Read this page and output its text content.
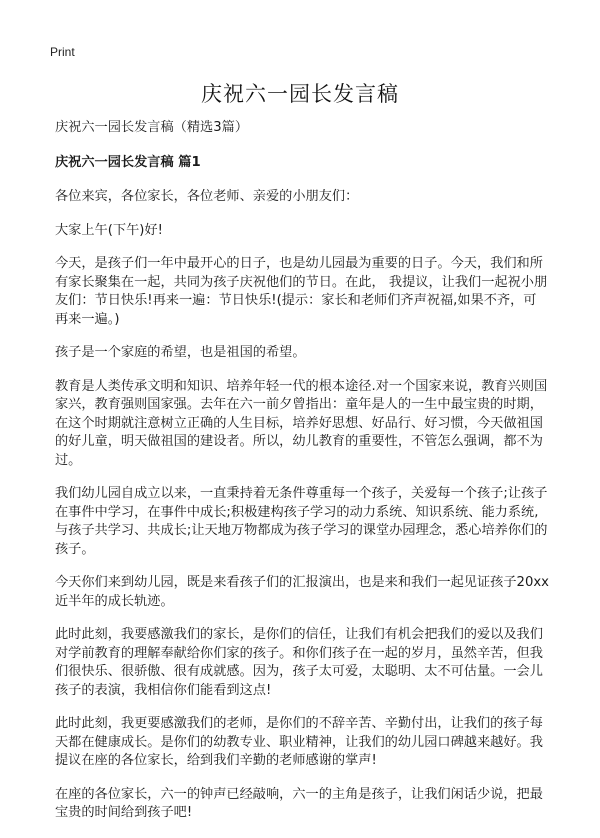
Print
庆祝六一园长发言稿

庆祝六一园长发言稿（精选3篇）

庆祝六一园长发言稿 篇1

各位来宾，各位家长，各位老师、亲爱的小朋友们：

大家上午(下午)好!

今天，是孩子们一年中最开心的日子，也是幼儿园最为重要的日子。今天，我们和所有家长聚集在一起，共同为孩子庆祝他们的节日。在此， 我提议，让我们一起祝小朋友们：节日快乐!再来一遍：节日快乐!(提示：家长和老师们齐声祝福,如果不齐，可再来一遍。)

孩子是一个家庭的希望，也是祖国的希望。

教育是人类传承文明和知识、培养年轻一代的根本途径.对一个国家来说，教育兴则国家兴，教育强则国家强。去年在六一前夕曾指出：童年是人的一生中最宝贵的时期，在这个时期就注意树立正确的人生目标，培养好思想、好品行、好习惯，今天做祖国的好儿童，明天做祖国的建设者。所以，幼儿教育的重要性，不管怎么强调，都不为过。

我们幼儿园自成立以来，一直秉持着无条件尊重每一个孩子，关爱每一个孩子;让孩子在事件中学习，在事件中成长;积极建构孩子学习的动力系统、知识系统、能力系统,与孩子共学习、共成长;让天地万物都成为孩子学习的课堂办园理念，悉心培养你们的孩子。

今天你们来到幼儿园，既是来看孩子们的汇报演出，也是来和我们一起见证孩子20xx近半年的成长轨迹。

此时此刻，我要感激我们的家长，是你们的信任，让我们有机会把我们的爱以及我们对学前教育的理解奉献给你们家的孩子。和你们孩子在一起的岁月，虽然辛苦，但我们很快乐、很骄傲、很有成就感。因为，孩子太可爱，太聪明、太不可估量。一会儿孩子的表演，我相信你们能看到这点!

此时此刻，我更要感激我们的老师，是你们的不辞辛苦、辛勤付出，让我们的孩子每天都在健康成长。是你们的幼教专业、职业精神，让我们的幼儿园口碑越来越好。我提议在座的各位家长，给到我们辛勤的老师感谢的掌声!

在座的各位家长，六一的钟声已经敲响，六一的主角是孩子，让我们闲话少说，把最宝贵的时间给到孩子吧!
